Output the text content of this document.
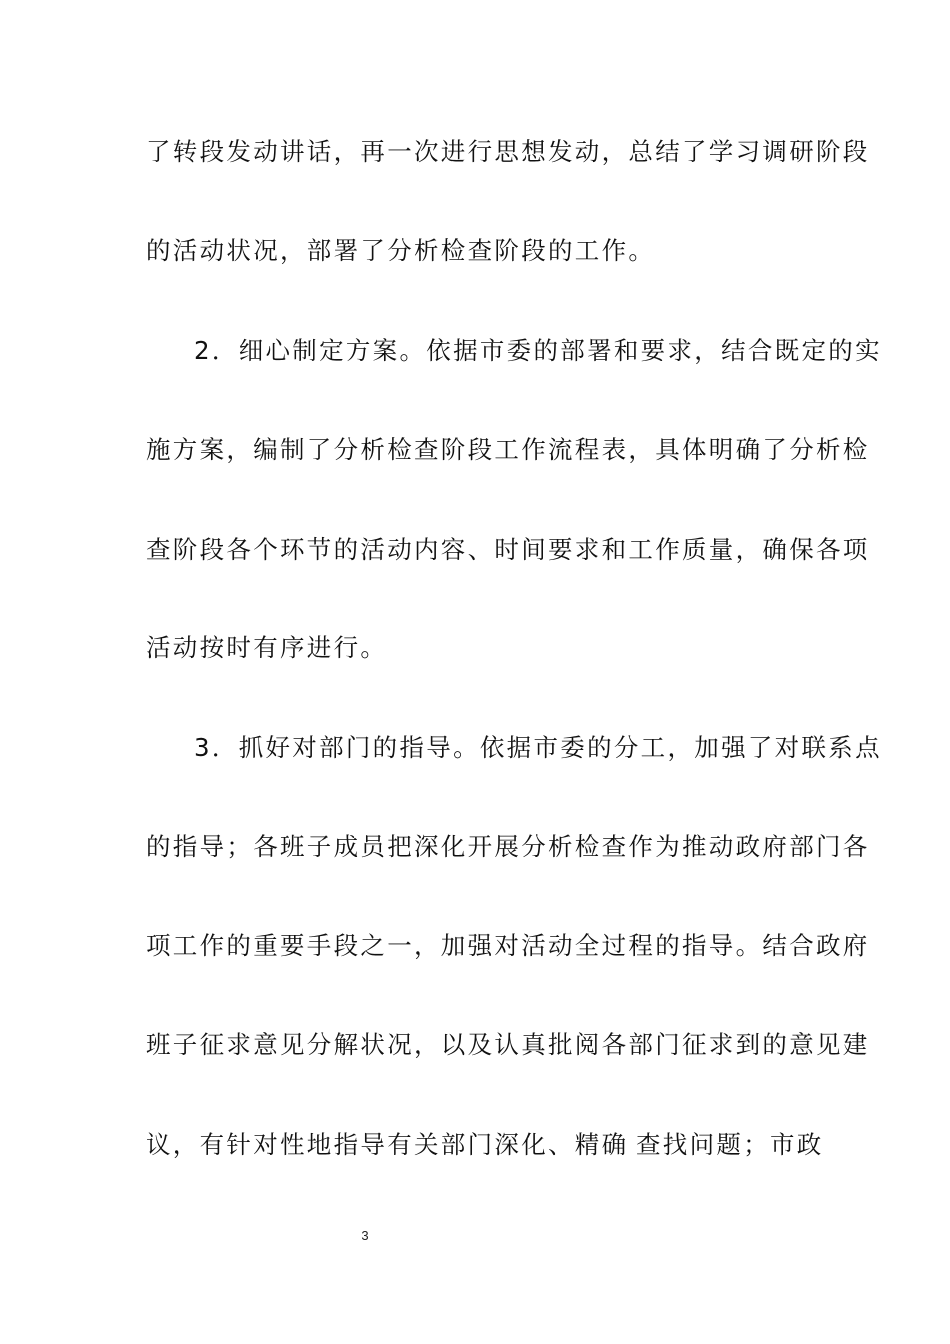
了转段发动讲话，再一次进行思想发动，总结了学习调研阶段
的活动状况，部署了分析检查阶段的工作。
2．细心制定方案。依据市委的部署和要求，结合既定的实
施方案，编制了分析检查阶段工作流程表，具体明确了分析检
查阶段各个环节的活动内容、时间要求和工作质量，确保各项
活动按时有序进行。
3．抓好对部门的指导。依据市委的分工，加强了对联系点
的指导；各班子成员把深化开展分析检查作为推动政府部门各
项工作的重要手段之一，加强对活动全过程的指导。结合政府
班子征求意见分解状况，以及认真批阅各部门征求到的意见建
议，有针对性地指导有关部门深化、精确 查找问题；市政
3
